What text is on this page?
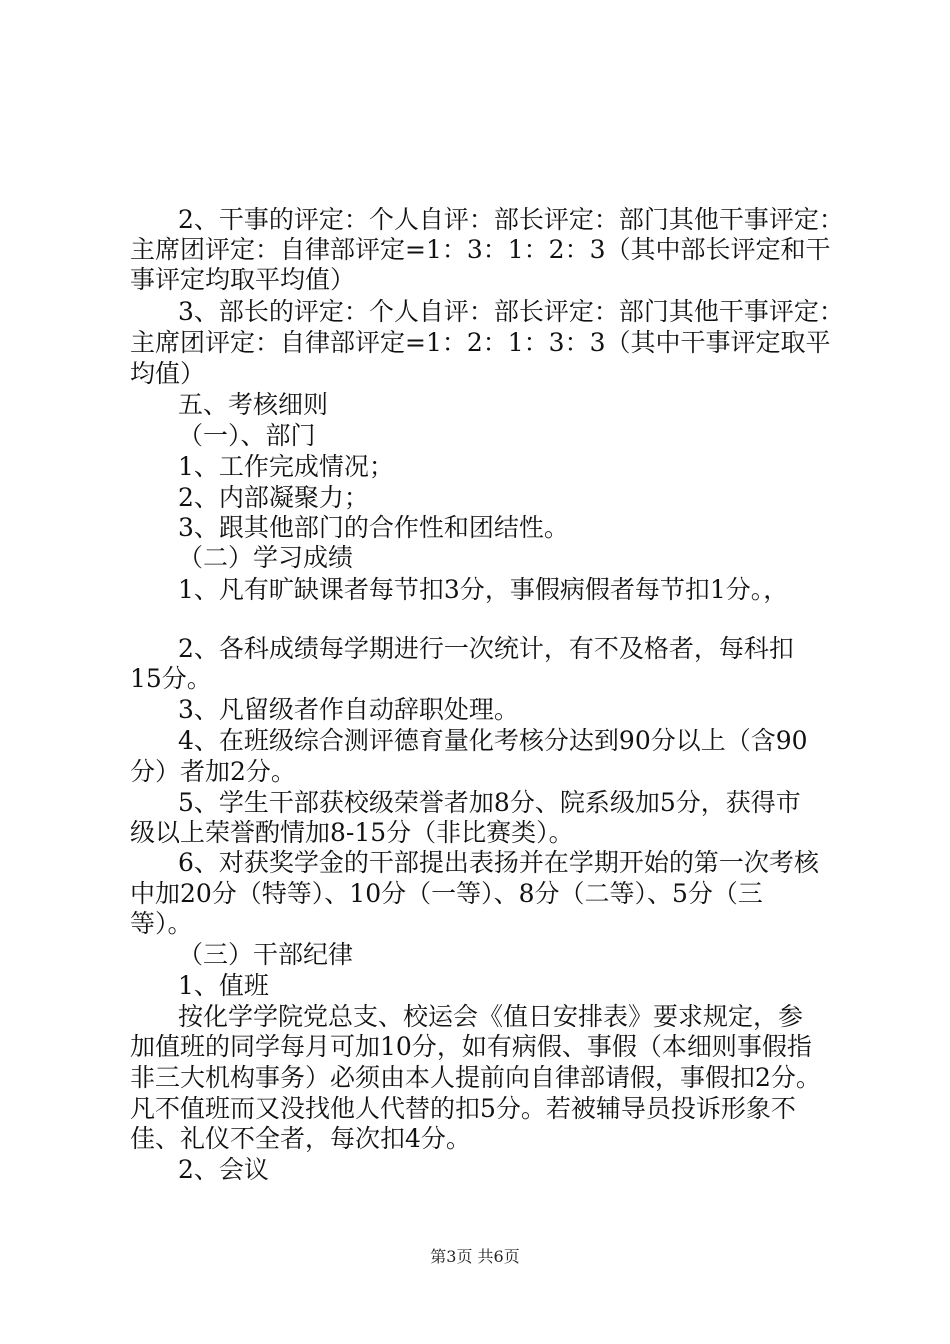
2、干事的评定：个人自评：部长评定：部门其他干事评定：

主席团评定：自律部评定=1：3：1：2：3（其中部长评定和干

事评定均取平均值）

3、部长的评定：个人自评：部长评定：部门其他干事评定：

主席团评定：自律部评定=1：2：1：3：3（其中干事评定取平

均值）

五、考核细则

（一）、部门

1、工作完成情况；

2、内部凝聚力；

3、跟其他部门的合作性和团结性。

（二）学习成绩

1、凡有旷缺课者每节扣3分，事假病假者每节扣1分。，

2、各科成绩每学期进行一次统计，有不及格者，每科扣

15分。

3、凡留级者作自动辞职处理。

4、在班级综合测评德育量化考核分达到90分以上（含90

分）者加2分。

5、学生干部获校级荣誉者加8分、院系级加5分，获得市

级以上荣誉酌情加8-15分（非比赛类）。

6、对获奖学金的干部提出表扬并在学期开始的第一次考核

中加20分（特等）、10分（一等）、8分（二等）、5分（三

等）。

（三）干部纪律

1、值班

按化学学院党总支、校运会《值日安排表》要求规定，参

加值班的同学每月可加10分，如有病假、事假（本细则事假指

非三大机构事务）必须由本人提前向自律部请假，事假扣2分。

凡不值班而又没找他人代替的扣5分。若被辅导员投诉形象不

佳、礼仪不全者，每次扣4分。

2、会议

第3页 共6页
